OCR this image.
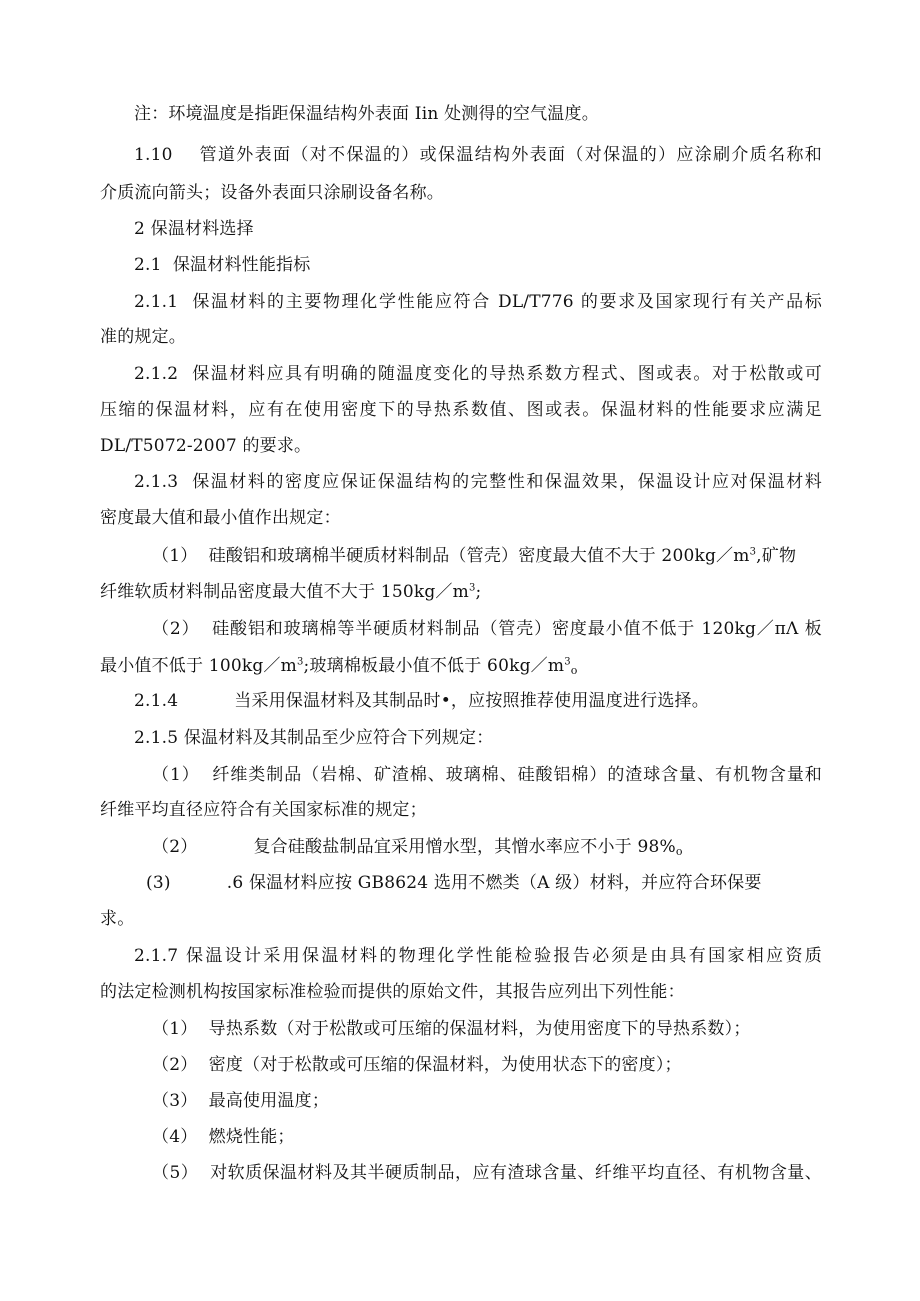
注：环境温度是指距保温结构外表面 Iin 处测得的空气温度。
1.10    管道外表面（对不保温的）或保温结构外表面（对保温的）应涂刷介质名称和
介质流向箭头；设备外表面只涂刷设备名称。
2 保温材料选择
2.1  保温材料性能指标
2.1.1  保温材料的主要物理化学性能应符合 DL/T776 的要求及国家现行有关产品标
准的规定。
2.1.2  保温材料应具有明确的随温度变化的导热系数方程式、图或表。对于松散或可
压缩的保温材料，应有在使用密度下的导热系数值、图或表。保温材料的性能要求应满足
DL/T5072-2007 的要求。
2.1.3  保温材料的密度应保证保温结构的完整性和保温效果，保温设计应对保温材料
密度最大值和最小值作出规定：
（1）  硅酸铝和玻璃棉半硬质材料制品（管壳）密度最大值不大于 $200kg/m^3$,矿物
纤维软质材料制品密度最大值不大于 $150kg/m^3$;
（2）  硅酸铝和玻璃棉等半硬质材料制品（管壳）密度最小值不低于 120kg／πΛ 板
最小值不低于 $100kg/m^3$;玻璃棉板最小值不低于 $60kg/m^3_o$
2.1.4          当采用保温材料及其制品时•，应按照推荐使用温度进行选择。
2.1.5 保温材料及其制品至少应符合下列规定：
（1）  纤维类制品（岩棉、矿渣棉、玻璃棉、硅酸铝棉）的渣球含量、有机物含量和
纤维平均直径应符合有关国家标准的规定；
（2）          复合硅酸盐制品宜采用憎水型，其憎水率应不小于 $98\%_o$
(3)          .6 保温材料应按 GB8624 选用不燃类（A 级）材料，并应符合环保要
求。
2.1.7 保温设计采用保温材料的物理化学性能检验报告必须是由具有国家相应资质
的法定检测机构按国家标准检验而提供的原始文件，其报告应列出下列性能：
（1）  导热系数（对于松散或可压缩的保温材料，为使用密度下的导热系数）；
（2）  密度（对于松散或可压缩的保温材料，为使用状态下的密度）；
（3）  最高使用温度；
（4）  燃烧性能；
（5）  对软质保温材料及其半硬质制品，应有渣球含量、纤维平均直径、有机物含量、
